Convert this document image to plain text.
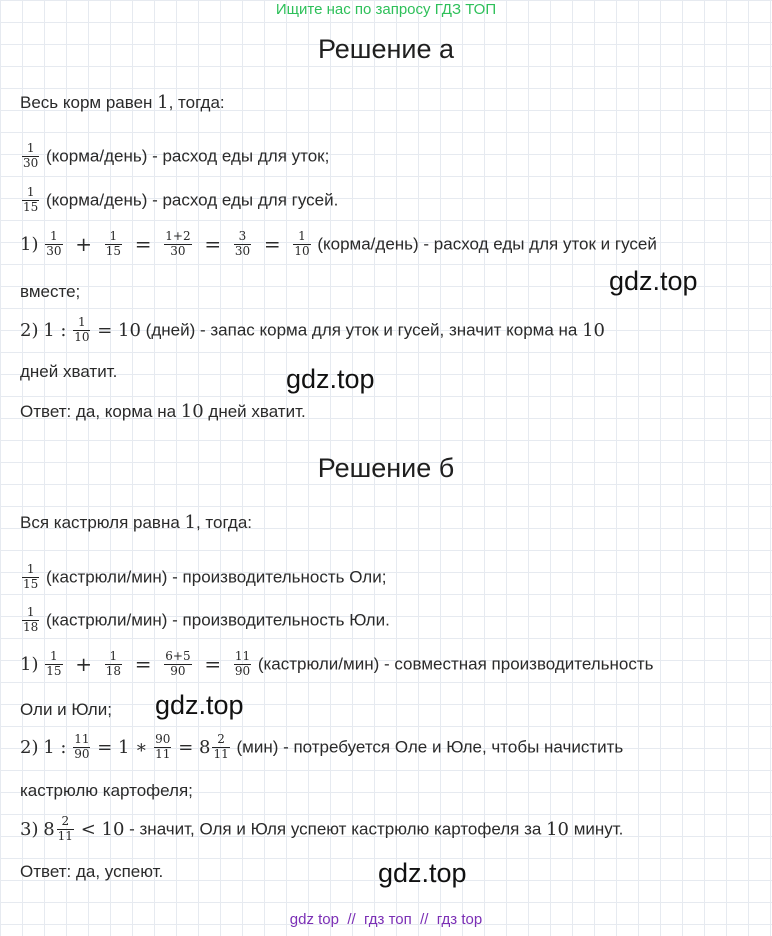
Ищите нас по запросу ГДЗ ТОП
Решение а
Весь корм равен 1, тогда:
$\frac{1}{30}$ (корма/день) - расход еды для уток;
$\frac{1}{15}$ (корма/день) - расход еды для гусей.
$1) \frac{1}{30} + \frac{1}{15} = \frac{1+2}{30} = \frac{3}{30} = \frac{1}{10}$ (корма/день) - расход еды для уток и гусей
вместе;
2) 1 : $\frac{1}{10} = 10$ (дней) - запас корма для уток и гусей, значит корма на 10
дней хватит.
Ответ: да, корма на 10 дней хватит.
Решение б
Вся кастрюля равна 1, тогда:
$\frac{1}{15}$ (кастрюли/мин) - производительность Оли;
$\frac{1}{18}$ (кастрюли/мин) - производительность Юли.
$1) \frac{1}{15} + \frac{1}{18} = \frac{6+5}{90} = \frac{11}{90}$ (кастрюли/мин) - совместная производительность
Оли и Юли;
2) 1 : $\frac{11}{90} = 1$ ∗ $\frac{90}{11} = 8 \frac{2}{11} (мин)$ - потребуется Оле и Юле, чтобы начистить
кастрюлю картофеля;
3) $8 \frac{2}{11} < 10$ - значит, Оля и Юля успеют кастрюлю картофеля за 10 минут.
Ответ: да, успеют.
gdz.top
gdz.top
gdz.top
gdz.top
gdz top  //  гдз топ  //  гдз top
